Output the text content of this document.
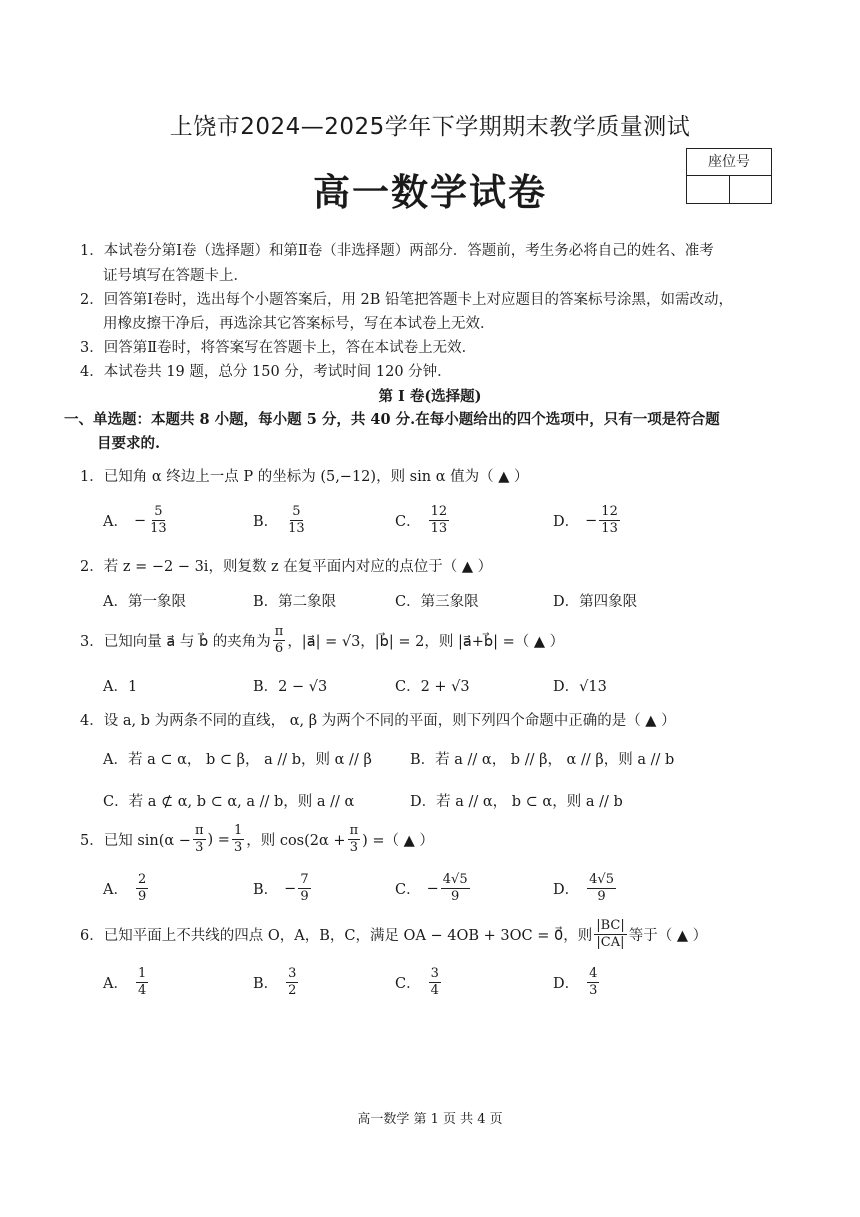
上饶市2024—2025学年下学期期末教学质量测试
高一数学试卷
座位号
1．本试卷分第Ⅰ卷（选择题）和第Ⅱ卷（非选择题）两部分．答题前，考生务必将自己的姓名、准考
证号填写在答题卡上．
2．回答第Ⅰ卷时，选出每个小题答案后，用 2B 铅笔把答题卡上对应题目的答案标号涂黑，如需改动，
用橡皮擦干净后，再选涂其它答案标号，写在本试卷上无效．
3．回答第Ⅱ卷时，将答案写在答题卡上，答在本试卷上无效．
4．本试卷共 19 题，总分 150 分，考试时间 120 分钟．
第 I 卷(选择题)
一、单选题：本题共 8 小题，每小题 5 分，共 40 分.在每小题给出的四个选项中，只有一项是符合题
目要求的.
1．已知角 α 终边上一点 P 的坐标为 (5,−12)，则 sin α 值为（ ▲ ）
A． − $\frac{5}{13}$	B． $\frac{5}{13}$	C． $\frac{12}{13}$	D． − $\frac{12}{13}$
2．若 z = −2 − 3i，则复数 z 在复平面内对应的点位于（ ▲ ）
A．第一象限	B．第二象限	C．第三象限	D．第四象限
3．已知向量 a⃗ 与 b⃗ 的夹角为 $\frac{\pi}{6}$ ，|a⃗| = √3，|b⃗| = 2，则 |a⃗+b⃗| =（ ▲ ）
A．1	B．2 − √3	C．2 + √3	D．√13
4．设 a, b 为两条不同的直线， α, β 为两个不同的平面，则下列四个命题中正确的是（ ▲ ）
A．若 a ⊂ α， b ⊂ β， a // b，则 α // β	B．若 a // α， b // β， α // β，则 a // b
C．若 a ⊄ α, b ⊂ α, a // b，则 a // α	D．若 a // α， b ⊂ α，则 a // b
5．已知 $\sin(\alpha - \frac{\pi}{3}$ ) = $\frac{1}{3}$ ，则 $\cos(2\alpha + \frac{\pi}{3}$ ) =（ ▲ ）
A． $\frac{2}{9}$	B． − $\frac{7}{9}$	C． − $\frac{4√5}{9}$	D． $\frac{4√5}{9}$
6．已知平面上不共线的四点 O，A，B，C，满足 OA − 4OB + 3OC = 0⃗，则 $\frac{|BC|}{|CA|}$ 等于（ ▲ ）
A． $\frac{1}{4}$	B． $\frac{3}{2}$	C． $\frac{3}{4}$	D． $\frac{4}{3}$
高一数学 第 1 页 共 4 页
